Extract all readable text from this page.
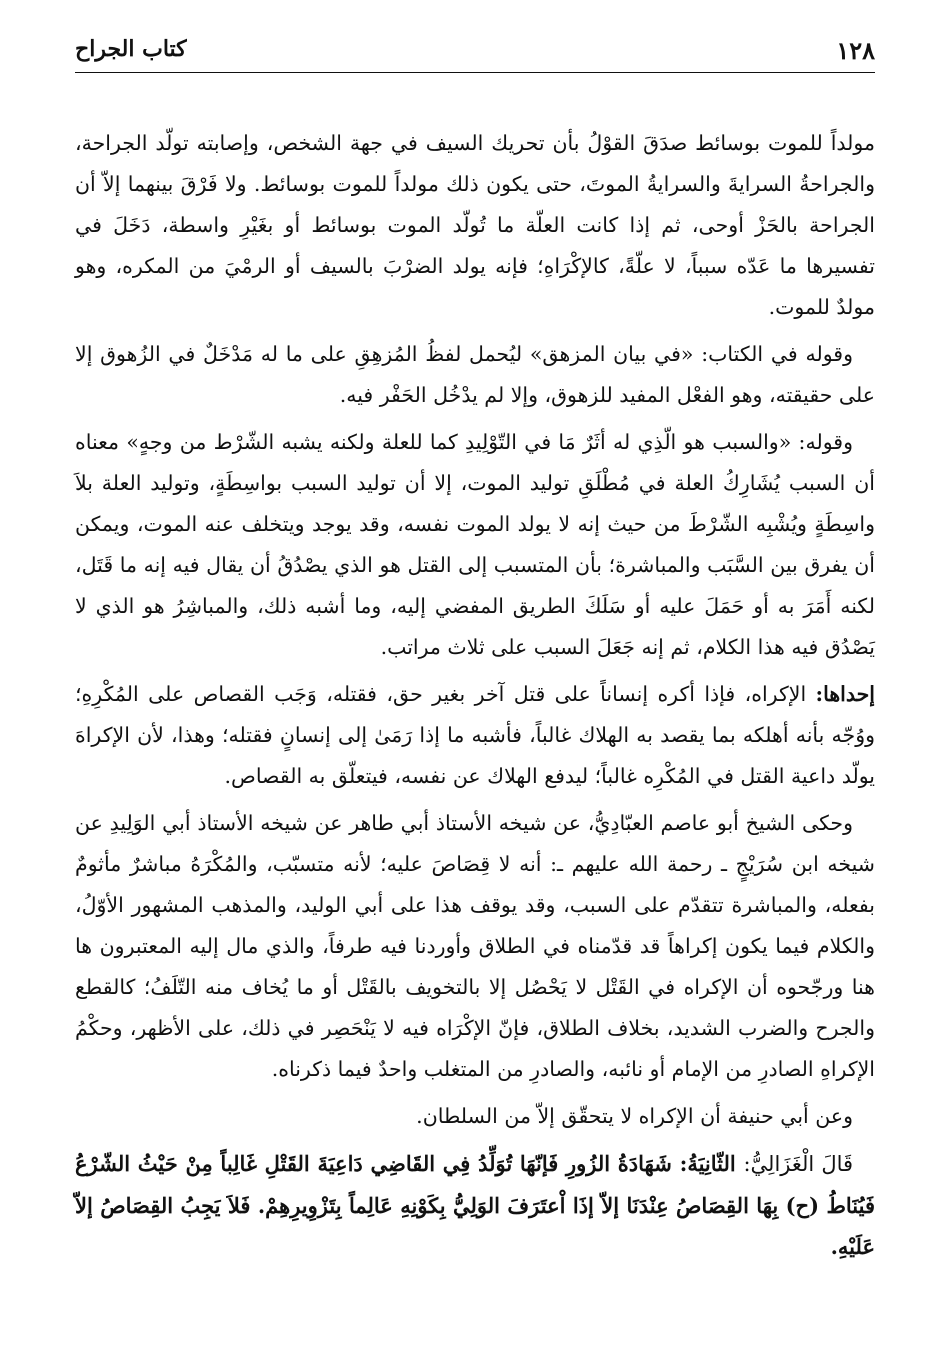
١٢٨
كتاب الجراح

مولداً للموت بوسائط صدَقَ القوْلُ بأن تحريك السيف في جهة الشخص، وإصابته تولّد الجراحة، والجراحةُ السرايةَ والسرايةُ الموتَ، حتى يكون ذلك مولداً للموت بوسائط. ولا فَرْقَ بينهما إلاّ أن الجراحة بالحَزْ أوحى، ثم إذا كانت العلّة ما تُولّد الموت بوسائط أو بغَيْرِ واسطة، دَخَلَ في تفسيرها ما عَدّه سبباً، لا علّةً، كالإكْرَاهِ؛ فإنه يولد الضرْبَ بالسيف أو الرمْيَ من المكره، وهو مولدٌ للموت.

وقوله في الكتاب: «في بيان المزهق» ليُحمل لفظُ المُزهِقِ على ما له مَدْخَلٌ في الزُهوق إلا على حقيقته، وهو الفعْل المفيد للزهوق، وإلا لم يدْخُل الحَفْر فيه.

وقوله: «والسبب هو الّذِي له أثَرٌ مَا في التّوْلِيدِ كما للعلة ولكنه يشبه الشّرْط من وجهٍ» معناه أن السبب يُشَارِكُ العلة في مُطْلَقِ توليد الموت، إلا أن توليد السبب بواسِطَةٍ، وتوليد العلة بلاَ واسِطَةٍ ويُشْبِه الشّرْطَ من حيث إنه لا يولد الموت نفسه، وقد يوجد ويتخلف عنه الموت، ويمكن أن يفرق بين السَّبَب والمباشرة؛ بأن المتسبب إلى القتل هو الذي يصْدُقُ أن يقال فيه إنه ما قَتَل، لكنه أَمَرَ به أو حَمَلَ عليه أو سَلَكَ الطريق المفضي إليه، وما أشبه ذلك، والمباشِرُ هو الذي لا يَصْدُق فيه هذا الكلام، ثم إنه جَعَلَ السبب على ثلاث مراتب.

إحداها: الإكراه، فإذا أكره إنساناً على قتل آخر بغير حق، فقتله، وَجَب القصاص على المُكْرِهِ؛ ووُجّه بأنه أهلكه بما يقصد به الهلاك غالباً، فأشبه ما إذا رَمَىٰ إلى إنسانٍ فقتله؛ وهذا، لأن الإكراهَ يولّد داعية القتل في المُكْرِه غالباً؛ ليدفع الهلاك عن نفسه، فيتعلّق به القصاص.

وحكى الشيخ أبو عاصم العبّادِيُّ، عن شيخه الأستاذ أبي طاهر عن شيخه الأستاذ أبي الوَلِيدِ عن شيخه ابن سُرَيْجٍ ـ رحمة الله عليهم ـ: أنه لا قِصَاصَ عليه؛ لأنه متسبّب، والمُكْرَهُ مباشرٌ مأثومٌ بفعله، والمباشرة تتقدّم على السبب، وقد يوقف هذا على أبي الوليد، والمذهب المشهور الأوّلُ، والكلام فيما يكون إكراهاً قد قدّمناه في الطلاق وأوردنا فيه طرفاً، والذي مال إليه المعتبرون ها هنا ورجّحوه أن الإكراه في القَتْل لا يَحْصُل إلا بالتخويف بالقَتْل أو ما يُخاف منه التّلَفُ؛ كالقطع والجرح والضرب الشديد، بخلاف الطلاق، فإنّ الإكْرَاه فيه لا يَنْحَصِر في ذلك، على الأظهر، وحكْمُ الإكراهِ الصادرِ من الإمام أو نائبه، والصادرِ من المتغلب واحدٌ فيما ذكرناه.

وعن أبي حنيفة أن الإكراه لا يتحقّق إلاّ من السلطان.

قَالَ الْغَزَالِيُّ: الثّانِيَةُ: شَهَادَةُ الزُورِ فَإنّهَا تُوَلِّدُ فِي القَاضِي دَاعِيَةَ القَتْلِ غَالِباً مِنْ حَيْثُ الشّرْعُ فَيُنَاطُ (ح) بِهَا القِصَاصُ عِنْدَنَا إلاّ إذَا اْعتَرَفَ الوَلِيُّ بِكَوْنِهِ عَالِماً بِتَزْوِيرِهِمْ. فَلاَ يَجِبُ القِصَاصُ إلاّ عَلَيْهِ.
